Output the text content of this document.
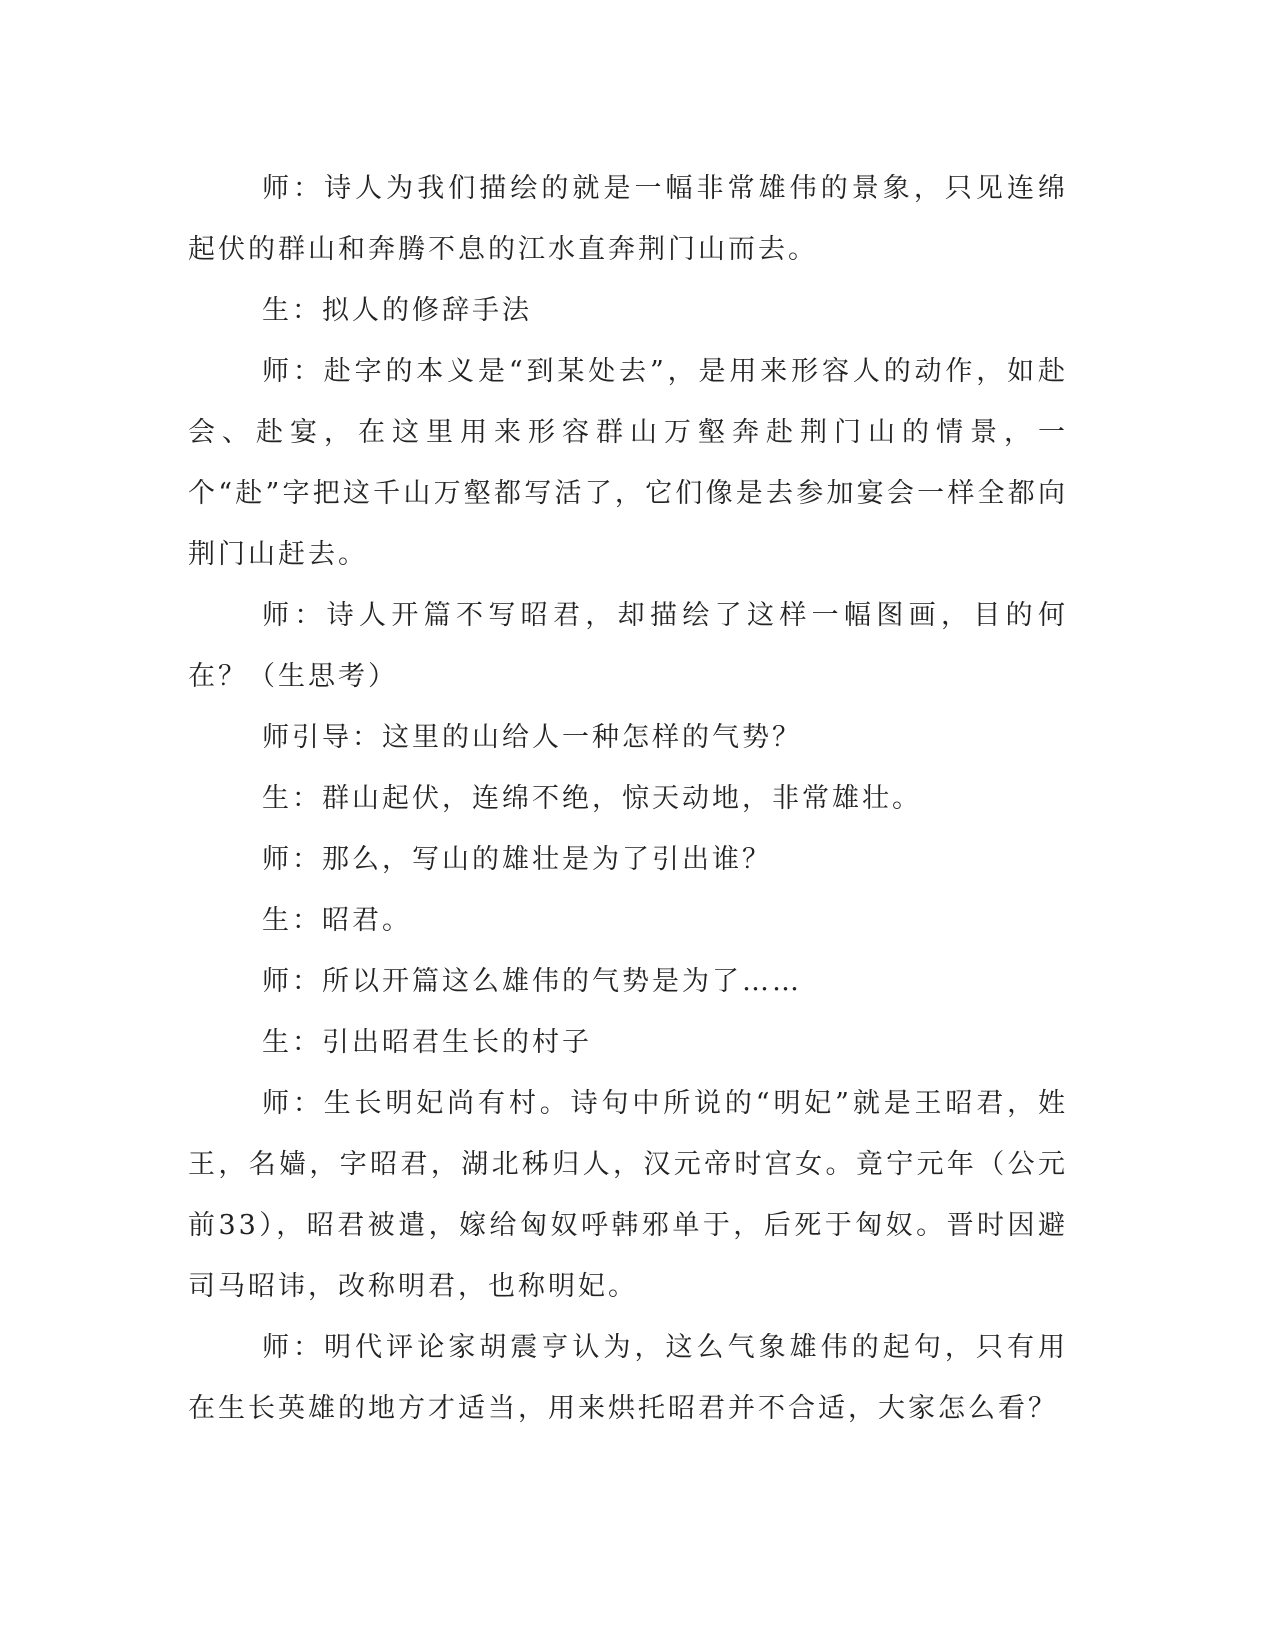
师：诗人为我们描绘的就是一幅非常雄伟的景象，只见连绵起伏的群山和奔腾不息的江水直奔荆门山而去。

生：拟人的修辞手法

师：赴字的本义是“到某处去”，是用来形容人的动作，如赴会、赴宴，在这里用来形容群山万壑奔赴荆门山的情景，一个“赴”字把这千山万壑都写活了，它们像是去参加宴会一样全都向荆门山赶去。

师：诗人开篇不写昭君，却描绘了这样一幅图画，目的何在？（生思考）

师引导：这里的山给人一种怎样的气势？

生：群山起伏，连绵不绝，惊天动地，非常雄壮。

师：那么，写山的雄壮是为了引出谁？

生：昭君。

师：所以开篇这么雄伟的气势是为了……

生：引出昭君生长的村子

师：生长明妃尚有村。诗句中所说的“明妃”就是王昭君，姓王，名嫱，字昭君，湖北秭归人，汉元帝时宫女。竟宁元年（公元前33），昭君被遣，嫁给匈奴呼韩邪单于，后死于匈奴。晋时因避司马昭讳，改称明君，也称明妃。

师：明代评论家胡震亨认为，这么气象雄伟的起句，只有用在生长英雄的地方才适当，用来烘托昭君并不合适，大家怎么看？
